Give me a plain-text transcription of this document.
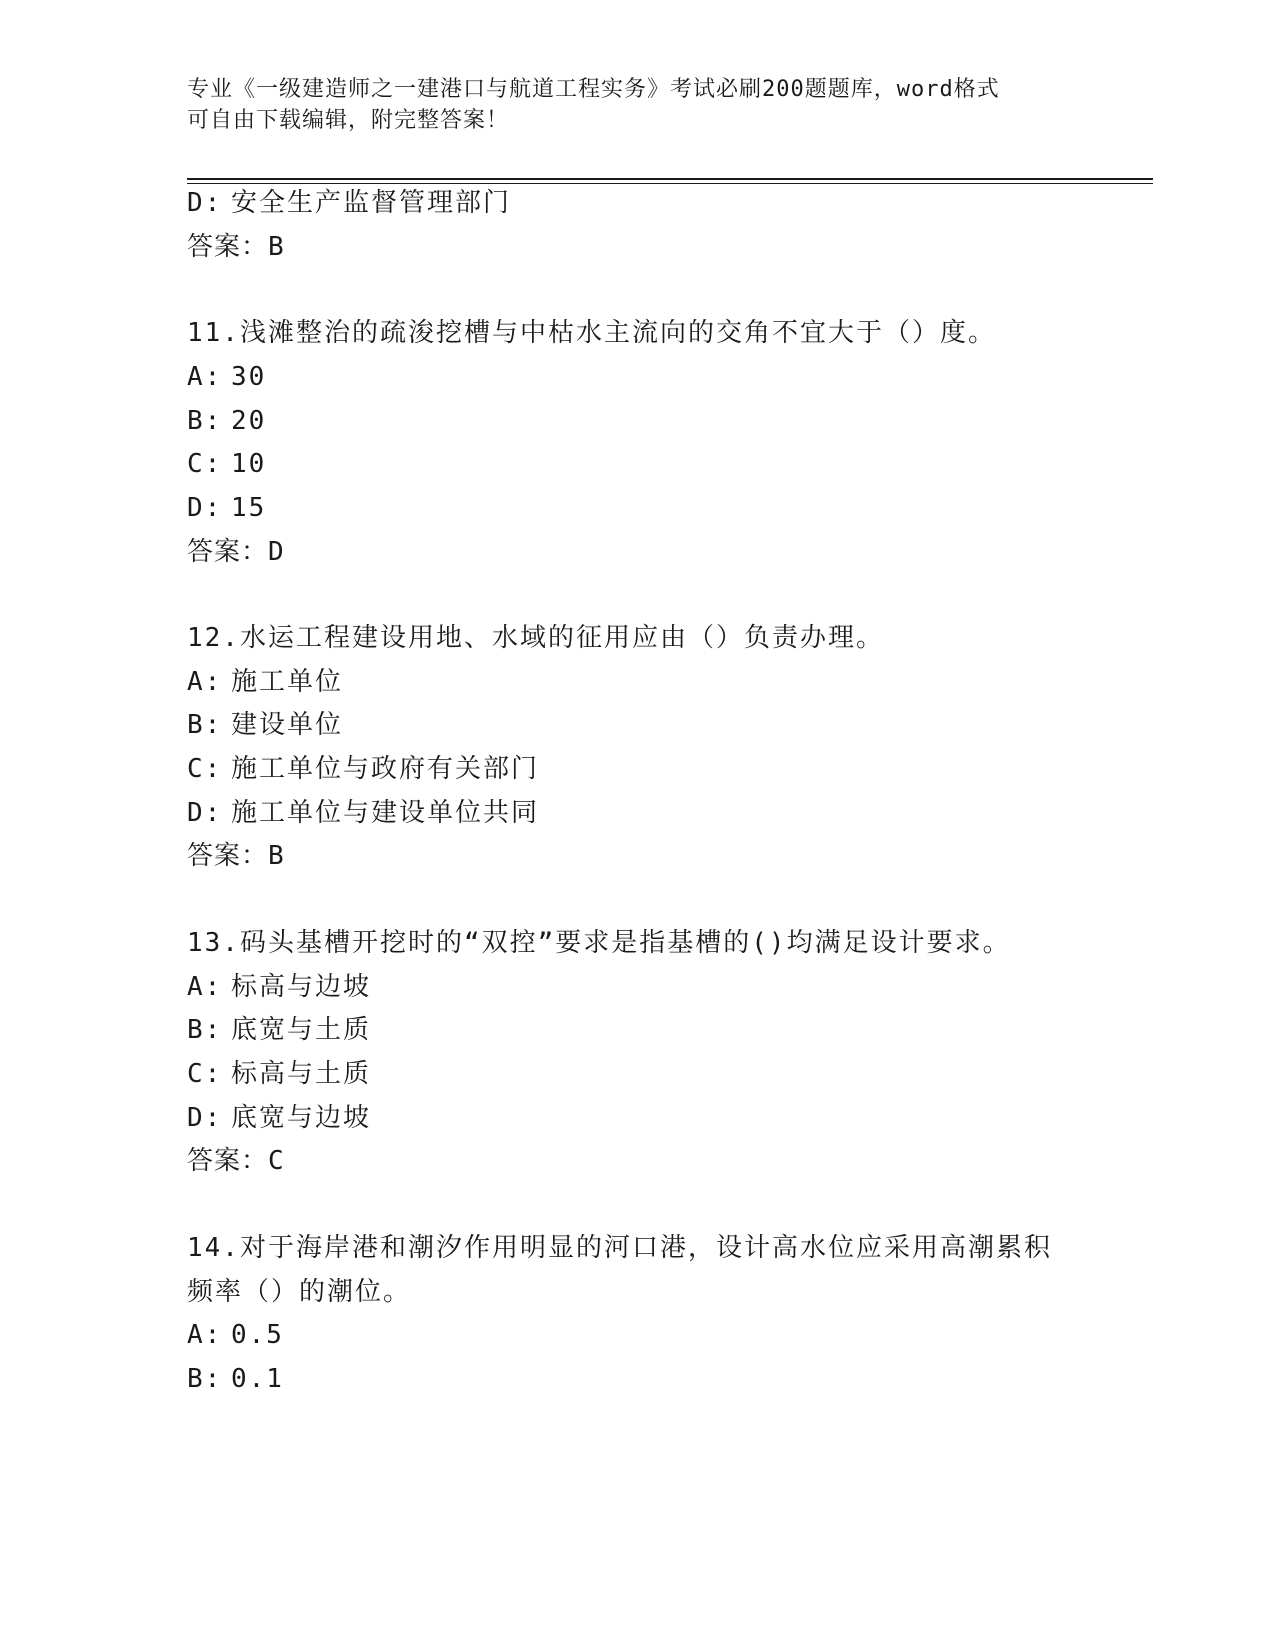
专业《一级建造师之一建港口与航道工程实务》考试必刷200题题库，word格式
可自由下载编辑，附完整答案！
D: 安全生产监督管理部门
答案：B
11.浅滩整治的疏浚挖槽与中枯水主流向的交角不宜大于（）度。
A: 30
B: 20
C: 10
D: 15
答案：D
12.水运工程建设用地、水域的征用应由（）负责办理。
A: 施工单位
B: 建设单位
C: 施工单位与政府有关部门
D: 施工单位与建设单位共同
答案：B
13.码头基槽开挖时的“双控”要求是指基槽的()均满足设计要求。
A: 标高与边坡
B: 底宽与土质
C: 标高与土质
D: 底宽与边坡
答案：C
14.对于海岸港和潮汐作用明显的河口港，设计高水位应采用高潮累积
频率（）的潮位。
A: 0.5
B: 0.1
